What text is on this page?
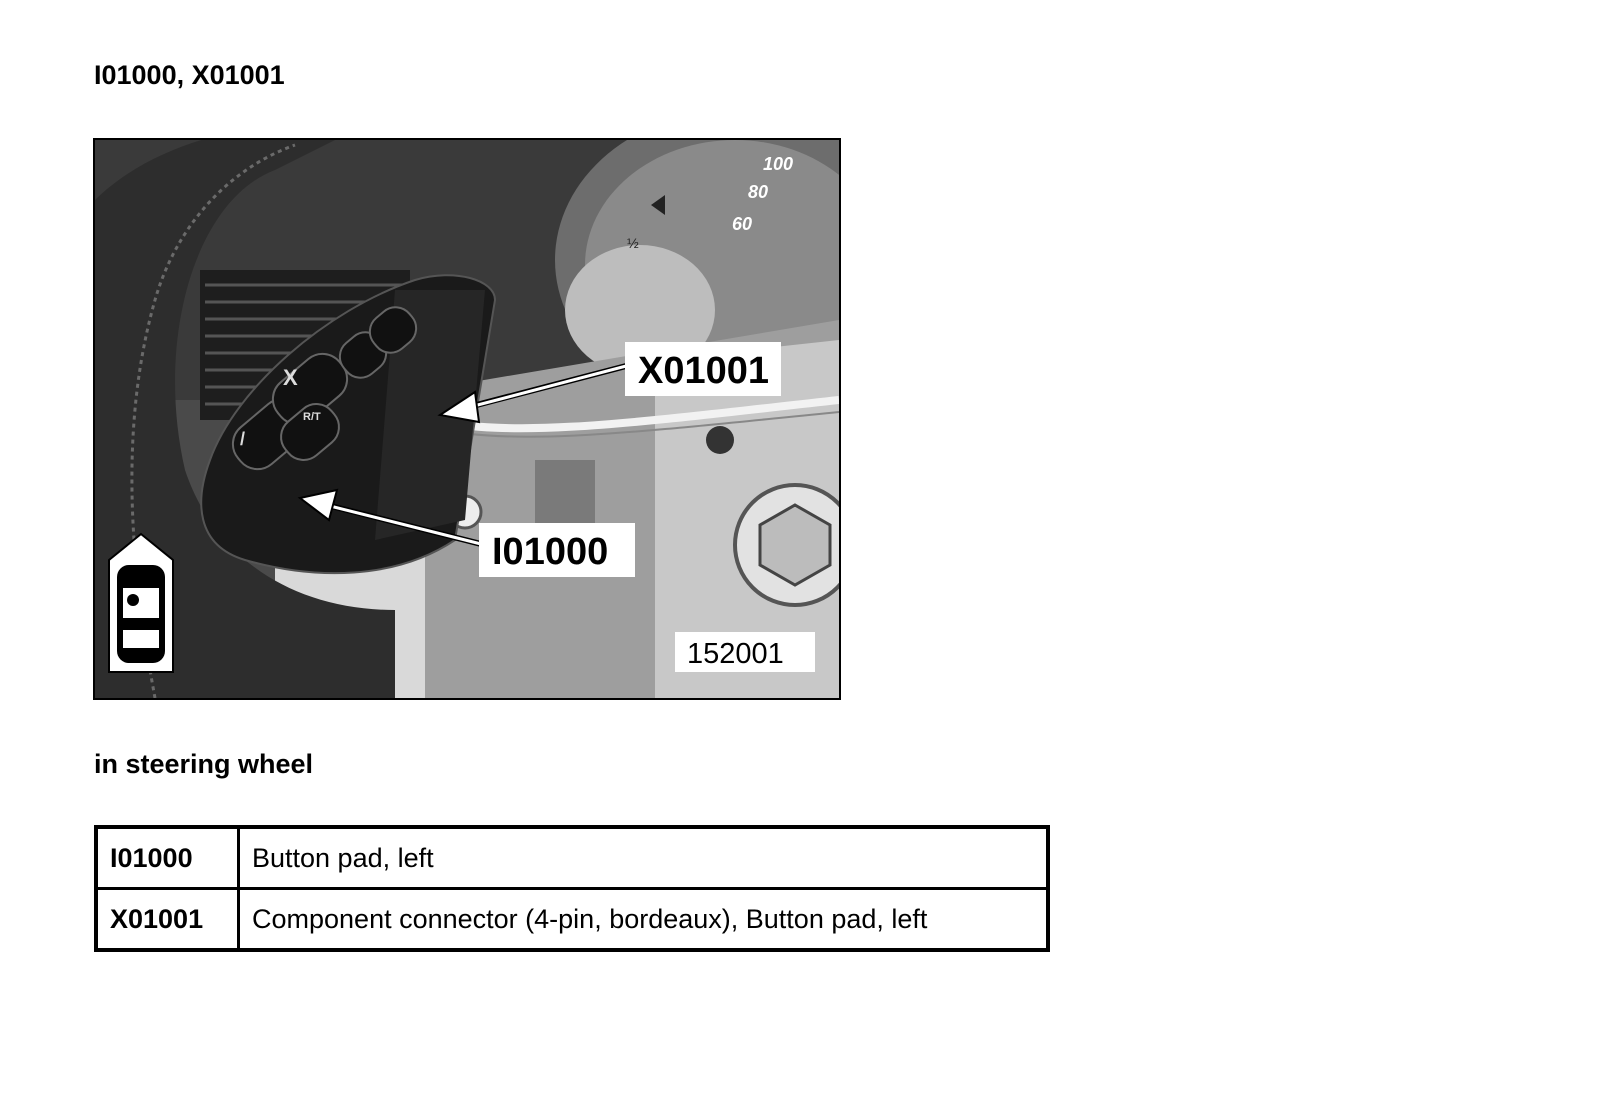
I01000, X01001
100
80
60
½
X
R/T
/
X01001
I01000
152001
in steering wheel
I01000	Button pad, left
X01001	Component connector (4-pin, bordeaux), Button pad, left
